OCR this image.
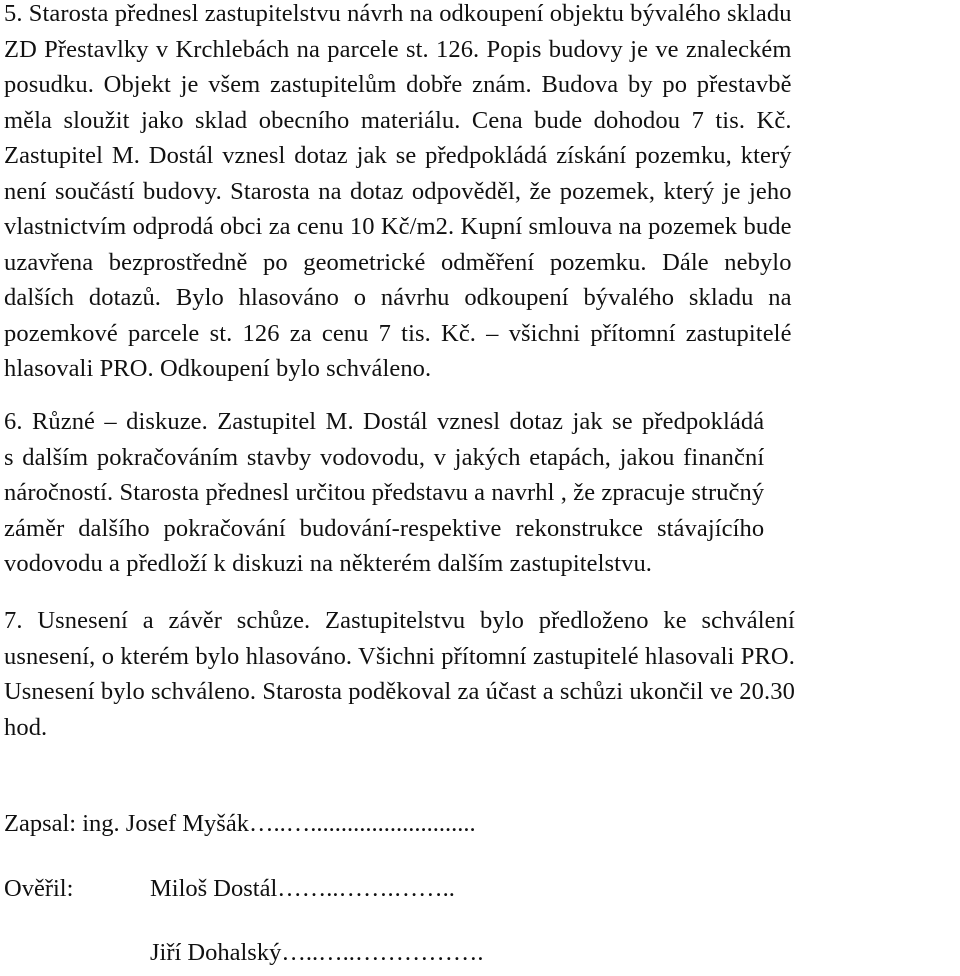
5. Starosta přednesl zastupitelstvu návrh na odkoupení objektu bývalého skladu
ZD Přestavlky v Krchlebách na parcele st. 126. Popis budovy je ve znaleckém
posudku. Objekt je všem zastupitelům dobře znám. Budova by po přestavbě
měla sloužit jako sklad obecního materiálu. Cena bude dohodou 7 tis. Kč.
Zastupitel M. Dostál vznesl dotaz jak se předpokládá získání pozemku, který
není součástí budovy. Starosta na dotaz odpověděl, že pozemek, který je jeho
vlastnictvím odprodá obci za cenu 10 Kč/m2. Kupní smlouva na pozemek bude
uzavřena bezprostředně po geometrické odměření pozemku. Dále nebylo
dalších dotazů. Bylo hlasováno o návrhu odkoupení bývalého skladu na
pozemkové parcele st. 126 za cenu 7 tis. Kč. – všichni přítomní zastupitelé
hlasovali PRO. Odkoupení bylo schváleno.
6. Různé – diskuze. Zastupitel M. Dostál vznesl dotaz jak se předpokládá
s dalším pokračováním stavby vodovodu, v jakých etapách, jakou finanční
náročností. Starosta přednesl určitou představu a navrhl , že zpracuje stručný
záměr dalšího pokračování budování-respektive rekonstrukce stávajícího
vodovodu a předloží k diskuzi na některém dalším zastupitelstvu.
7. Usnesení a závěr schůze. Zastupitelstvu bylo předloženo ke schválení
usnesení, o kterém bylo hlasováno. Všichni přítomní zastupitelé hlasovali PRO.
Usnesení bylo schváleno. Starosta poděkoval za účast a schůzi ukončil ve 20.30
hod.
Zapsal: ing. Josef Myšák…..…...........................
Ověřil:	Miloš Dostál……..…….……..
Jiří Dohalský…..…..…………….
